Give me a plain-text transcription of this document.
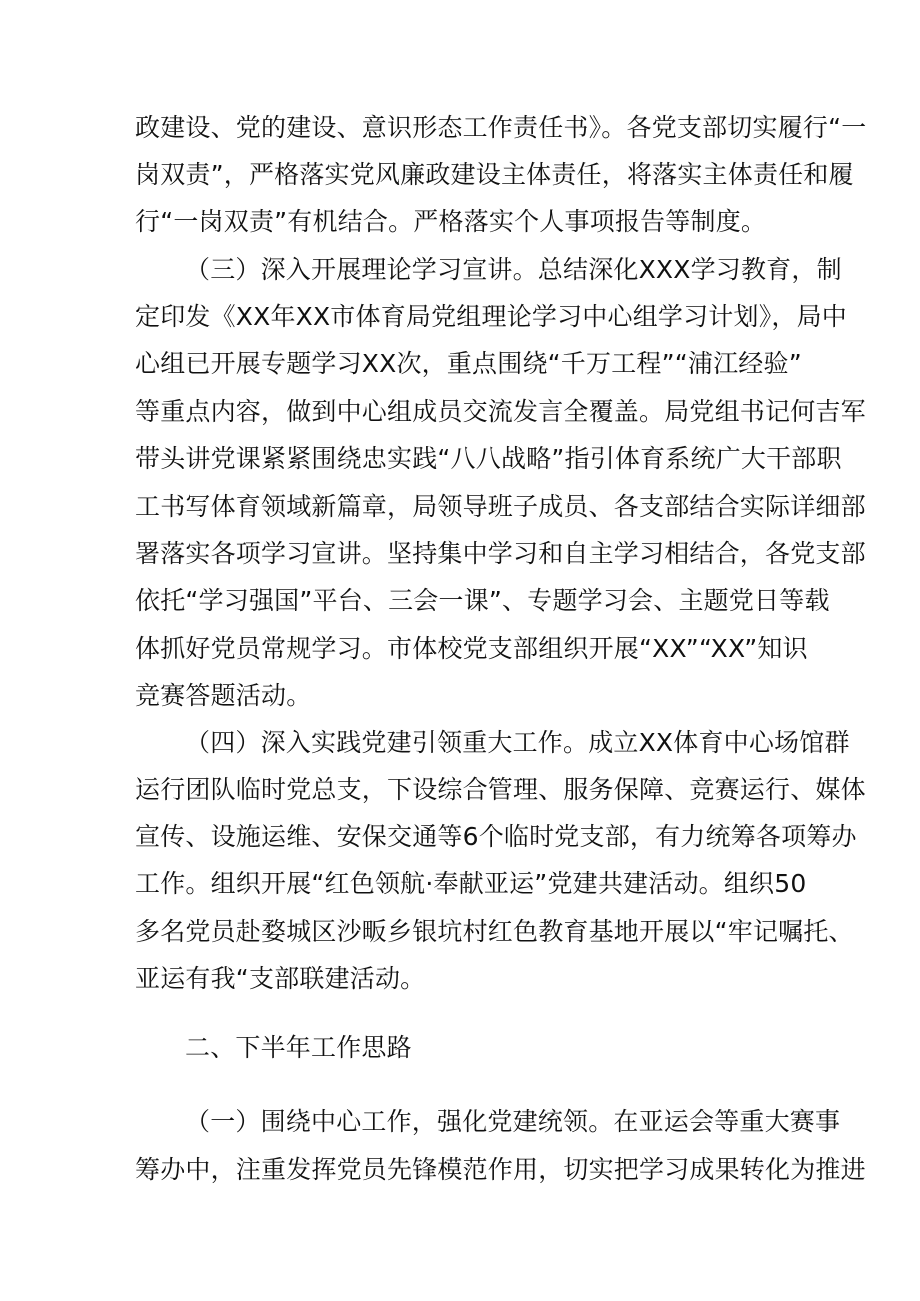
政建设、党的建设、意识形态工作责任书》。各党支部切实履行“一
岗双责”，严格落实党风廉政建设主体责任，将落实主体责任和履
行“一岗双责”有机结合。严格落实个人事项报告等制度。
（三）深入开展理论学习宣讲。总结深化XXX学习教育，制
定印发《XX年XX市体育局党组理论学习中心组学习计划》，局中
心组已开展专题学习XX次，重点围绕“千万工程”“浦江经验”
等重点内容，做到中心组成员交流发言全覆盖。局党组书记何吉军
带头讲党课紧紧围绕忠实践“八八战略”指引体育系统广大干部职
工书写体育领域新篇章，局领导班子成员、各支部结合实际详细部
署落实各项学习宣讲。坚持集中学习和自主学习相结合，各党支部
依托“学习强国”平台、三会一课”、专题学习会、主题党日等载
体抓好党员常规学习。市体校党支部组织开展“XX”“XX”知识
竞赛答题活动。
（四）深入实践党建引领重大工作。成立XX体育中心场馆群
运行团队临时党总支，下设综合管理、服务保障、竞赛运行、媒体
宣传、设施运维、安保交通等6个临时党支部，有力统筹各项筹办
工作。组织开展“红色领航·奉献亚运”党建共建活动。组织50
多名党员赴婺城区沙畈乡银坑村红色教育基地开展以“牢记嘱托、
亚运有我“支部联建活动。
二、下半年工作思路
（一）围绕中心工作，强化党建统领。在亚运会等重大赛事
筹办中，注重发挥党员先锋模范作用，切实把学习成果转化为推进
